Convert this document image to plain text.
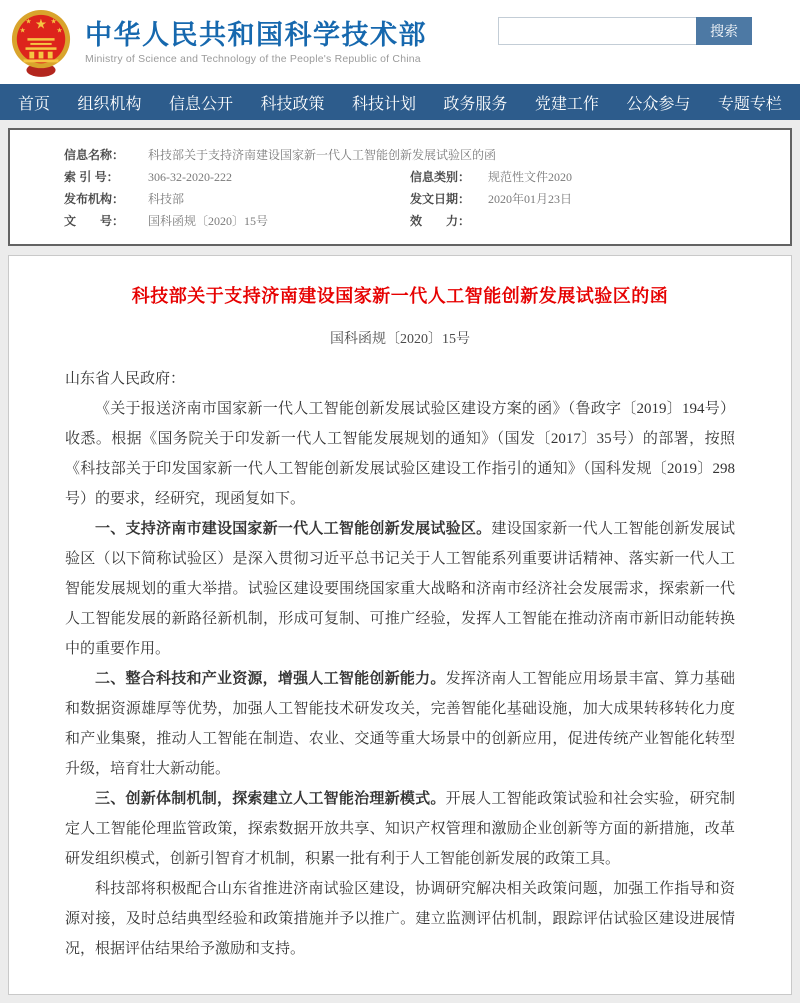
★
★	★
★	★ 中华人民共和国科学技术部
Ministry of Science and Technology of the People's Republic of China
搜索
首页 组织机构 信息公开 科技政策 科技计划 政务服务 党建工作 公众参与 专题专栏
信息名称：	科技部关于支持济南建设国家新一代人工智能创新发展试验区的函
索 引 号：	306-32-2020-222	信息类别：	规范性文件2020
发布机构：	科技部	发文日期：	2020年01月23日
文　　号：	国科函规〔2020〕15号	效　　力：
科技部关于支持济南建设国家新一代人工智能创新发展试验区的函
国科函规〔2020〕15号

山东省人民政府：

《关于报送济南市国家新一代人工智能创新发展试验区建设方案的函》（鲁政字〔2019〕194号）收悉。根据《国务院关于印发新一代人工智能发展规划的通知》（国发〔2017〕35号）的部署，按照《科技部关于印发国家新一代人工智能创新发展试验区建设工作指引的通知》（国科发规〔2019〕298号）的要求，经研究，现函复如下。

一、支持济南市建设国家新一代人工智能创新发展试验区。建设国家新一代人工智能创新发展试验区（以下简称试验区）是深入贯彻习近平总书记关于人工智能系列重要讲话精神、落实新一代人工智能发展规划的重大举措。试验区建设要围绕国家重大战略和济南市经济社会发展需求，探索新一代人工智能发展的新路径新机制，形成可复制、可推广经验，发挥人工智能在推动济南市新旧动能转换中的重要作用。

二、整合科技和产业资源，增强人工智能创新能力。发挥济南人工智能应用场景丰富、算力基础和数据资源雄厚等优势，加强人工智能技术研发攻关，完善智能化基础设施，加大成果转移转化力度和产业集聚，推动人工智能在制造、农业、交通等重大场景中的创新应用，促进传统产业智能化转型升级，培育壮大新动能。

三、创新体制机制，探索建立人工智能治理新模式。开展人工智能政策试验和社会实验，研究制定人工智能伦理监管政策，探索数据开放共享、知识产权管理和激励企业创新等方面的新措施，改革研发组织模式，创新引智育才机制，积累一批有利于人工智能创新发展的政策工具。

科技部将积极配合山东省推进济南试验区建设，协调研究解决相关政策问题，加强工作指导和资源对接，及时总结典型经验和政策措施并予以推广。建立监测评估机制，跟踪评估试验区建设进展情况，根据评估结果给予激励和支持。
